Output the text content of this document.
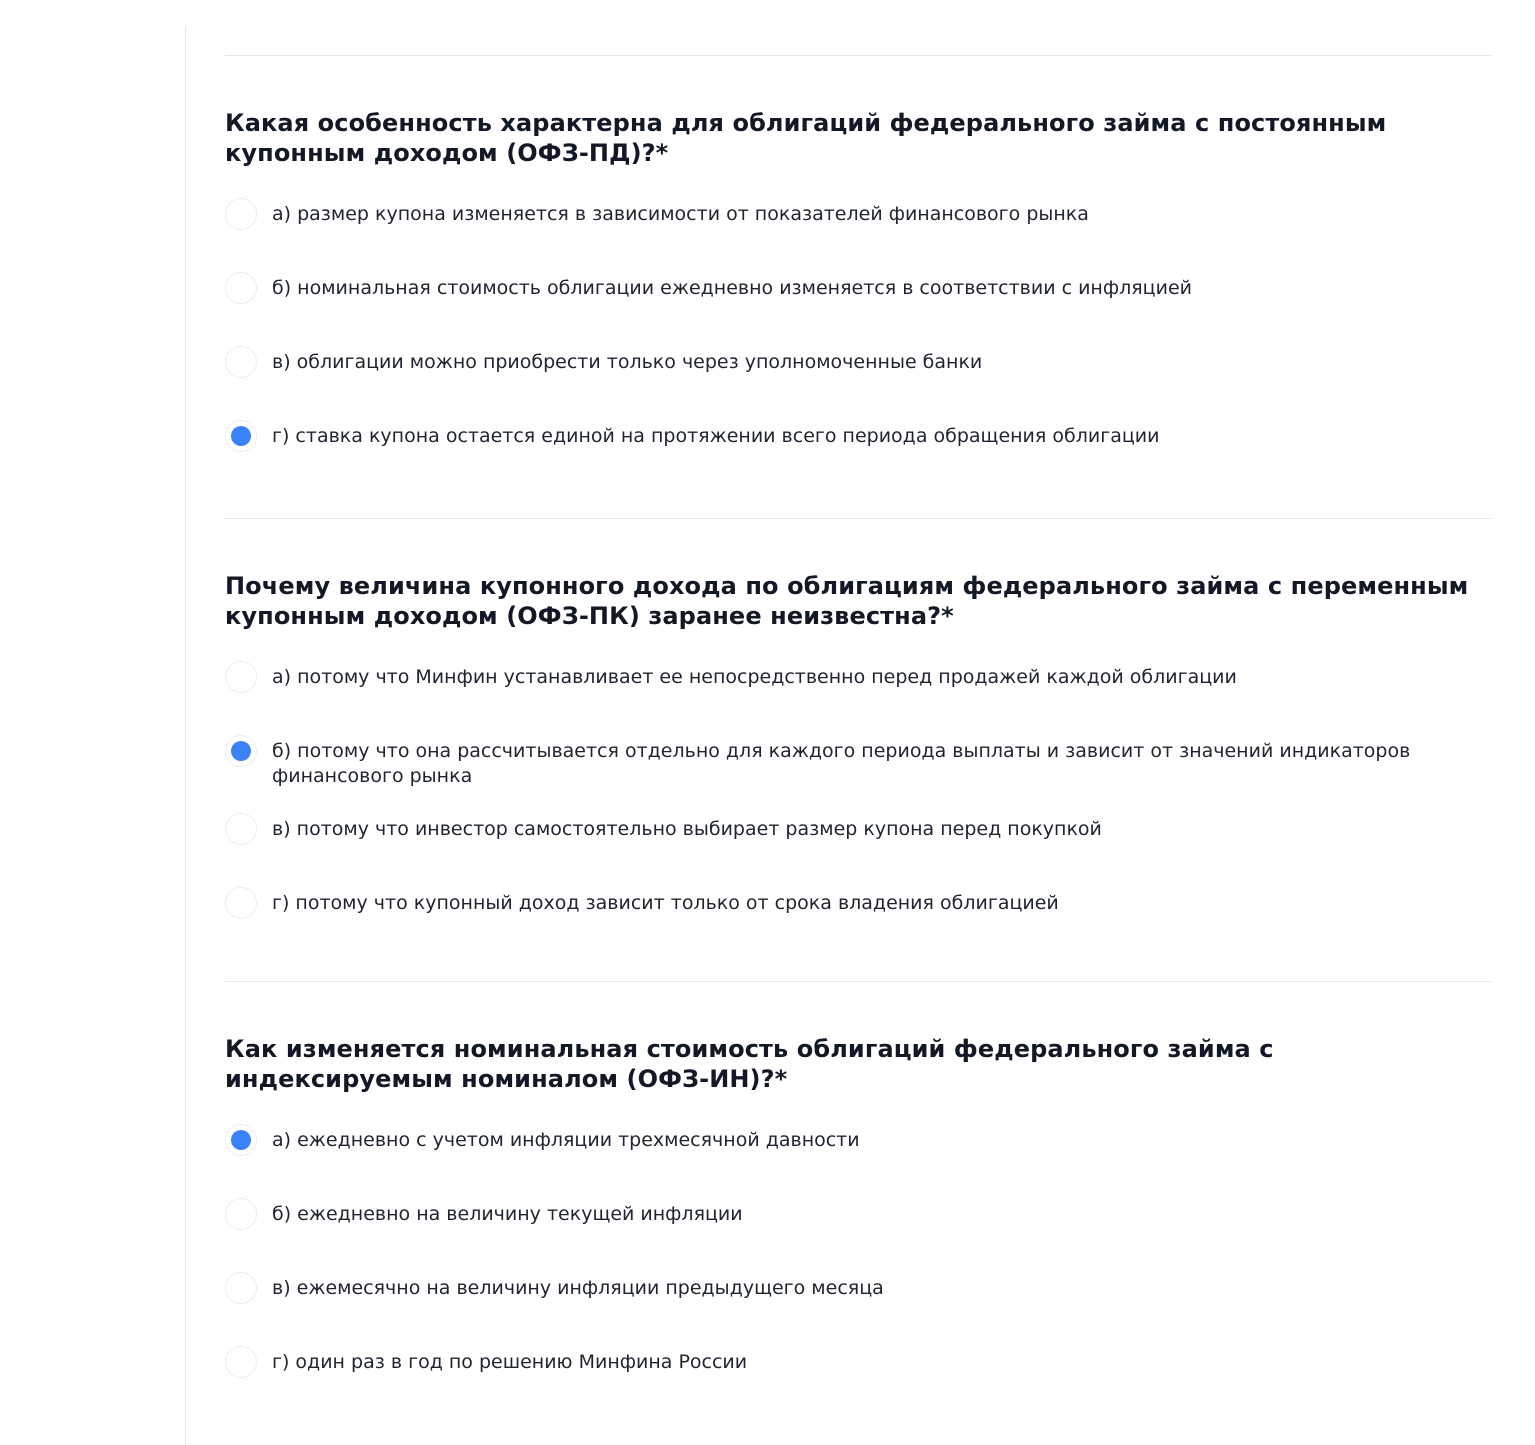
Какая особенность характерна для облигаций федерального займа с постоянным купонным доходом (ОФЗ-ПД)?*
а) размер купона изменяется в зависимости от показателей финансового рынка
б) номинальная стоимость облигации ежедневно изменяется в соответствии с инфляцией
в) облигации можно приобрести только через уполномоченные банки
г) ставка купона остается единой на протяжении всего периода обращения облигации
Почему величина купонного дохода по облигациям федерального займа с переменным купонным доходом (ОФЗ-ПК) заранее неизвестна?*
а) потому что Минфин устанавливает ее непосредственно перед продажей каждой облигации
б) потому что она рассчитывается отдельно для каждого периода выплаты и зависит от значений индикаторов финансового рынка
в) потому что инвестор самостоятельно выбирает размер купона перед покупкой
г) потому что купонный доход зависит только от срока владения облигацией
Как изменяется номинальная стоимость облигаций федерального займа с индексируемым номиналом (ОФЗ-ИН)?*
а) ежедневно с учетом инфляции трехмесячной давности
б) ежедневно на величину текущей инфляции
в) ежемесячно на величину инфляции предыдущего месяца
г) один раз в год по решению Минфина России
